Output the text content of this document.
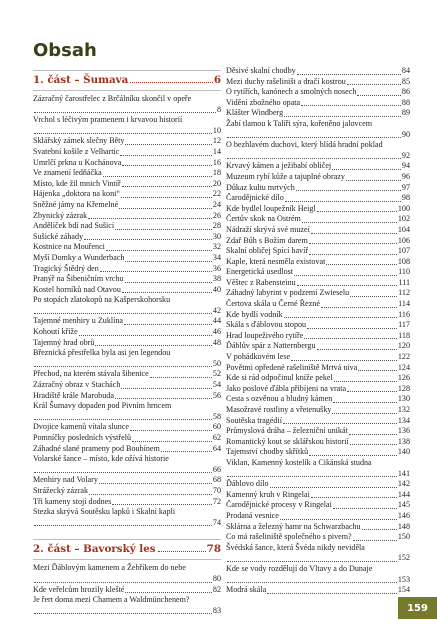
Obsah
1. část – Šumava	6
Zázračný čarostřelec z Brčálníku skončil v opeře
8
Vrchol s léčivým pramenem i krvavou historií
10
Sklářský zámek slečny Běty	12
Svatební košile z Velhartic	14
Umrlčí prkna u Kochánova	16
Ve znamení ledňáčka	18
Místo, kde žil mnich Vintíř	20
Hájenka „doktora na koni“	22
Sněžné jámy na Křemelné	24
Zbynický zázrak	26
Andělíček bdí nad Sušicí	28
Sušické záhady	30
Kostnice na Mouřenci	32
Myší Domky a Wunderbach	34
Tragický Štědrý den	36
Pranýř na Šibeničním vrchu	38
Kostel horníků nad Otavou	40
Po stopách zlatokopů na Kašperskohorsku
42
Tajemné menhiry u Zuklína	44
Kohoutí kříže	46
Tajemný hrad obrů	48
Březnická přestřelka byla asi jen legendou
50
Přechod, na kterém stávala šibenice	52
Zázračný obraz v Stachách	54
Hradiště krále Marobuda	56
Král Šumavy dopaden pod Pivním hrncem
58
Dvojice kamenů vítala slunce	60
Pomníčky posledních výstřelů	62
Záhadné slané prameny pod Boubínem	64
Volarské šance – místo, kde ožívá historie
66
Menhiry nad Volary	68
Strážecký zázrak	70
Tři kameny stojí dodnes	72
Stezka skrývá Soutěsku lapků i Skalní kapli
74
2. část – Bavorský les	78
Mezi Ďáblovým kamenem a Žebříkem do nebe
80
Kde veřelcům hrozily klešté	82
Je řert doma mezi Chamem a Waldmünchenem?
83
Děsivé skalní chodby	84
Mezi duchy rašeliništ a dračí kostrou	85
O rytířích, kanónech a smolných nosech	86
Vidění zbožného opata	88
Klášter Windberg	89
Žabí tlamou k Talíři sýra, kořeněno jalovcem
90
O bezhlavém duchovi, který hlídá hradní poklad
92
Krvavý kámen a ježibabí obličej	94
Muzeum rybí kůže a tajuplné obrazy	96
Důkaz kultu mrtvých	97
Čarodějnické dílo	98
Kde bydlel loupežník Heigl	100
Čertův skok na Ostrém	102
Nádraží skrývá své muzeí	104
Zdař Bůh s Božím darem	106
Skalní obličej Spící havíř	107
Kaple, která nesměla existovat	108
Energetická usedlost	110
Věštec z Rabensteinu	111
Záhadný labyrint v podzemí Zwieselu	112
Čertova skála u Černé Řezné	114
Kde bydlí vodník	116
Skála s ďáblovou stopou	117
Hrad loupeživého rytíře	118
Ďáblův spár z Natternbergu	120
V pohádkovém lese	122
Povětmi opředené rašeliniště Mrtvá niva	124
Kde si rád odpočinul kníže pekel	126
Jako poslové ďábla přibíjeni na vrata	128
Cesta s ozvěnou a bludný kámen	130
Masožravé rostliny a vřetenušky	132
Soutěska tragédií	134
Průmyslová dráha – železniční unikát	136
Romantický kout se sklářskou historií	138
Tajemství chodby skřítků	140
Viklan, Kamenný kostelík a Cikánská studna
141
Ďáblovo dílo	142
Kamenný kruh v Ringelai	144
Čarodějnické procesy v Ringelai	145
Prodaná vesnice	146
Sklárna a železný hamr na Schwarzbachu	148
Co má rašeliniště společného s pivem?	150
Švédská šance, která Švéda nikdy neviděla
152
Kde se vody rozdělují do Vltavy a do Dunaje
153
Modrá skála	154
159
